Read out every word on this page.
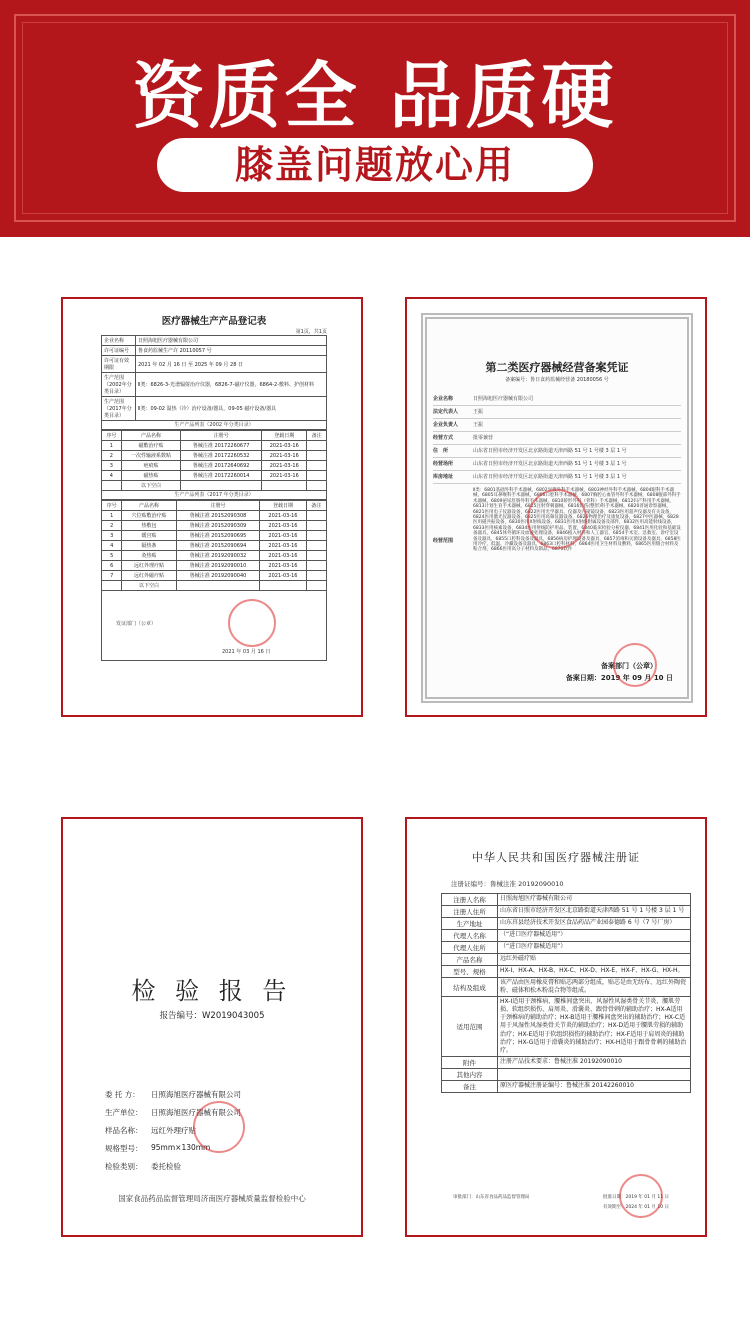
资质全 品质硬
膝盖问题放心用
医疗器械生产产品登记表
第1页，共1页
企业名称	日照海旭医疗器械有限公司
许可证编号	鲁食药监械生产许 20110057 号
许可证有效期限	2021 年 02 月 16 日 至 2025 年 09 月 28 日
生产范围（2002年分类目录）	Ⅱ类：6826-3-光谱辐射治疗仪器，6826-7-磁疗仪器，6864-2-敷料、护创材料
生产范围（2017年分类目录）	Ⅱ类：09-02 温热（冷）治疗设备/器具，09-05 磁疗设备/器具
生产产品列表（2002 年分类目录）
序号	产品名称	注册号	登载日期	备注
1	磁敷治疗贴	鲁械注准 20172260677	2021-03-16	
2	一次性输液系数贴	鲁械注准 20172260532	2021-03-16	
3	疤痕贴	鲁械注准 20172640692	2021-03-16	
4	磁热贴	鲁械注准 20172260014	2021-03-16	
	以下空白			
生产产品列表（2017 年分类目录）
序号	产品名称	注册号	登载日期	备注
1	穴位贴敷治疗贴	鲁械注准 20152090308	2021-03-16	
2	热敷包	鲁械注准 20152090309	2021-03-16	
3	暖宫贴	鲁械注准 20152090695	2021-03-16	
4	隔热条	鲁械注准 20152090694	2021-03-16	
5	灸热贴	鲁械注准 20192090032	2021-03-16	
6	远红外理疗贴	鲁械注准 20192090010	2021-03-16	
7	远红外磁疗贴	鲁械注准 20192090040	2021-03-16	
	以下空白			
发证部门（公章）
2021 年 03 月 16 日
第二类医疗器械经营备案凭证
备案编号：鲁日食药监械经营备 20180056 号
企业名称	日照海旭医疗器械有限公司
法定代表人	王振
企业负责人	王振
经营方式	批零兼营
住　所	山东省日照市经济开发区北京路街道天津西路 51 号 1 号楼 3 层 1 号
经营场所	山东省日照市经济开发区北京路街道天津西路 51 号 1 号楼 3 层 1 号
库房地址	山东省日照市经济开发区北京路街道天津西路 51 号 1 号楼 3 层 1 号
经营范围
Ⅱ类：6801基础外科手术器械，6802显微外科手术器械，6803神经外科手术器械，6804眼科手术器械，6805耳鼻喉科手术器械，6806口腔科手术器械，6807胸腔心血管外科手术器械，6808腹部外科手术器械，6809泌尿肛肠外科手术器械，6810矫形外科（骨科）手术器械，6812妇产科用手术器械，6813计划生育手术器械，6815注射穿刺器械，6816烧伤(整形)科手术器械，6820普通诊察器械，6821医用电子仪器设备，6822医用光学器具、仪器及内窥镜设备，6823医用超声仪器及有关设备，6824医用激光仪器设备，6825医用高频仪器设备，6826物理治疗及康复设备，6827中医器械，6828医用磁共振设备，6830医用X射线设备，6831医用X射线附属设备及部件，6832医用高能射线设备，6833医用核素设备，6834医用射线防护用品、装置，6840临床检验分析仪器，6841医用化验和基础设备器具，6845体外循环及血液处理设备，6846植入材料和人工器官，6854手术室、急救室、诊疗室设备及器具，6855口腔科设备及器具，6856病房护理设备及器具，6857消毒和灭菌设备及器具，6858医用冷疗、低温、冷藏设备及器具，6863口腔科材料，6864医用卫生材料及敷料，6865医用缝合材料及粘合剂，6866医用高分子材料及制品，6870软件
备案部门（公章）
备案日期：2019 年 09 月 10 日
检 验 报 告
报告编号：W2019043005
委 托 方：	日照海旭医疗器械有限公司
生产单位：	日照海旭医疗器械有限公司
样品名称：	远红外理疗贴
规格型号：	95mm×130mm
检验类别：	委托检验
国家食品药品监督管理局济南医疗器械质量监督检验中心
中华人民共和国医疗器械注册证
注册证编号：鲁械注准 20192090010
注册人名称	日照海旭医疗器械有限公司
注册人住所	山东省日照市经济开发区北京路街道天津西路 51 号 1 号楼 3 层 1 号
生产地址	山东莒县经济技术开发区食品药品产业园泰德路 6 号（7 号厂房）
代理人名称	（“进口医疗器械适用”）
代理人住所	（“进口医疗器械适用”）
产品名称	远红外磁疗贴
型号、规格	HX-Ⅰ、HX-A、HX-B、HX-C、HX-D、HX-E、HX-F、HX-G、HX-H。
结构及组成	该产品由医用橡皮膏和贴芯两部分组成，贴芯是由无纺布、远红外陶瓷粉、磁体和松木粉混合物等组成。
适用范围	HX-Ⅰ适用于颈椎病、腰椎间盘突出、风湿性风湿类骨关节炎、腰肌劳损、软组织损伤、肩周炎、滑囊炎、跟骨骨刺的辅助治疗；HX-A适用于颈椎病的辅助治疗；HX-B适用于腰椎间盘突出的辅助治疗；HX-C适用于风湿性风湿类骨关节炎的辅助治疗；HX-D适用于腰肌劳损的辅助治疗；HX-E适用于软组织损伤的辅助治疗；HX-F适用于肩周炎的辅助治疗；HX-G适用于滑囊炎的辅助治疗；HX-H适用于跟骨骨刺的辅助治疗。
附件	注册产品技术要求：鲁械注准 20192090010
其他内容	
备注	原医疗器械注册证编号：鲁械注准 20142260010
审批部门：山东省食品药品监督管理局	批准日期：2019 年 01 月 11 日
有效期至：2024 年 01 月 10 日
